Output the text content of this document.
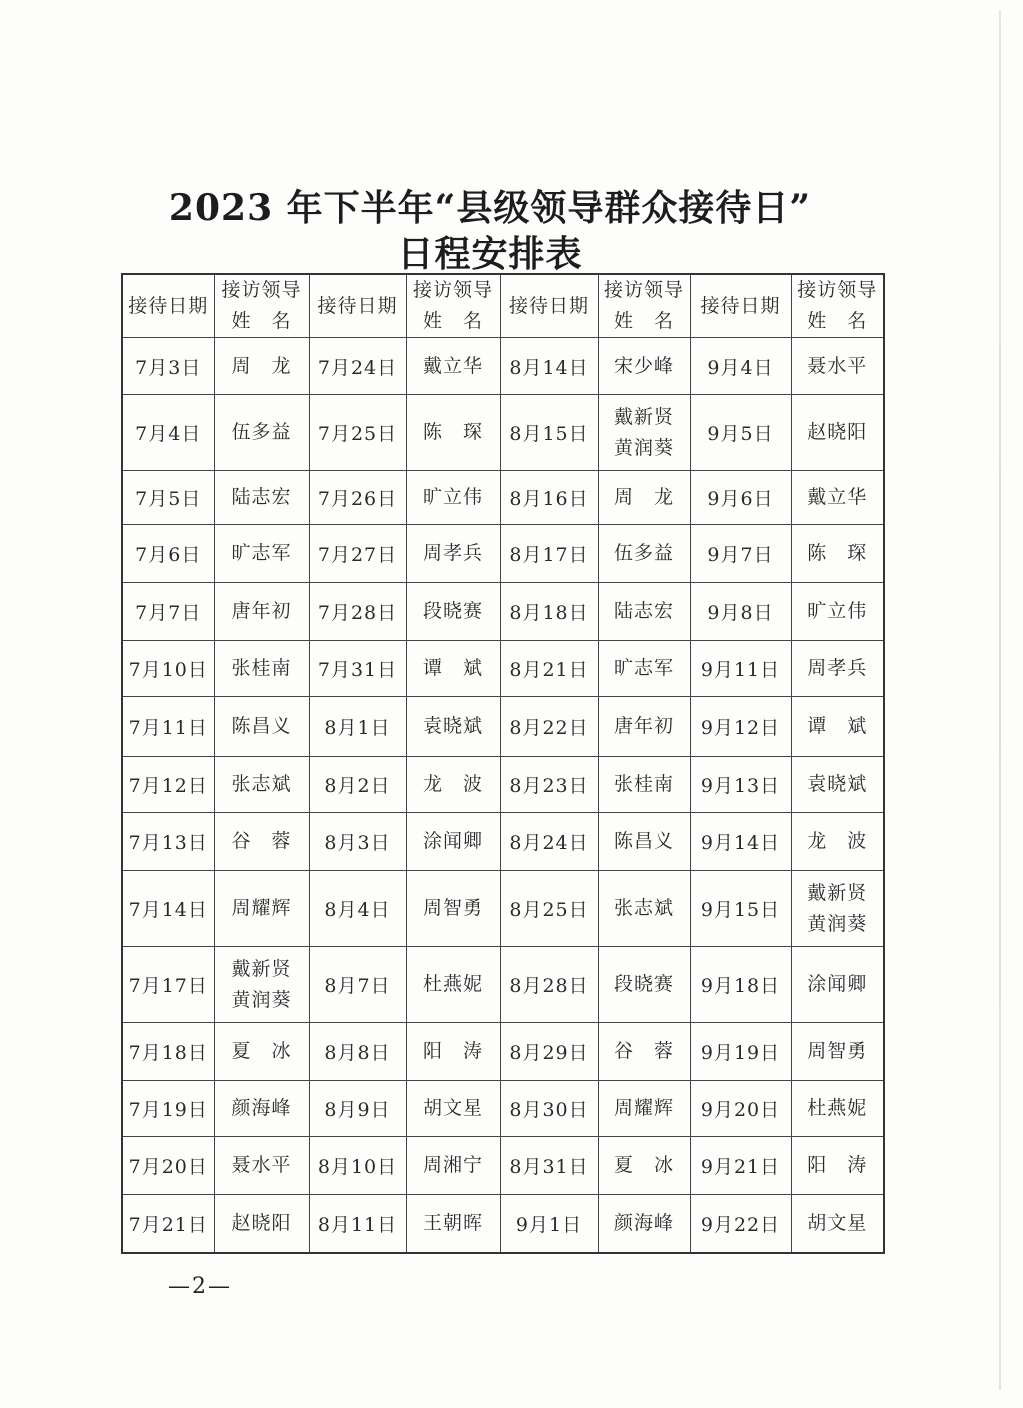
2023 年下半年“县级领导群众接待日”
日程安排表
接待日期	接访领导
姓　名	接待日期	接访领导
姓　名	接待日期	接访领导
姓　名	接待日期	接访领导
姓　名

7月3日	周　龙	7月24日	戴立华	8月14日	宋少峰	9月4日	聂水平

7月4日	伍多益	7月25日	陈　琛	8月15日	戴新贤
黄润葵	9月5日	赵晓阳

7月5日	陆志宏	7月26日	旷立伟	8月16日	周　龙	9月6日	戴立华

7月6日	旷志军	7月27日	周孝兵	8月17日	伍多益	9月7日	陈　琛

7月7日	唐年初	7月28日	段晓赛	8月18日	陆志宏	9月8日	旷立伟

7月10日	张桂南	7月31日	谭　斌	8月21日	旷志军	9月11日	周孝兵

7月11日	陈昌义	8月1日	袁晓斌	8月22日	唐年初	9月12日	谭　斌

7月12日	张志斌	8月2日	龙　波	8月23日	张桂南	9月13日	袁晓斌

7月13日	谷　蓉	8月3日	涂闻卿	8月24日	陈昌义	9月14日	龙　波

7月14日	周耀辉	8月4日	周智勇	8月25日	张志斌	9月15日	戴新贤
黄润葵

7月17日	戴新贤
黄润葵	8月7日	杜燕妮	8月28日	段晓赛	9月18日	涂闻卿

7月18日	夏　冰	8月8日	阳　涛	8月29日	谷　蓉	9月19日	周智勇

7月19日	颜海峰	8月9日	胡文星	8月30日	周耀辉	9月20日	杜燕妮

7月20日	聂水平	8月10日	周湘宁	8月31日	夏　冰	9月21日	阳　涛

7月21日	赵晓阳	8月11日	王朝晖	9月1日	颜海峰	9月22日	胡文星
—2—
